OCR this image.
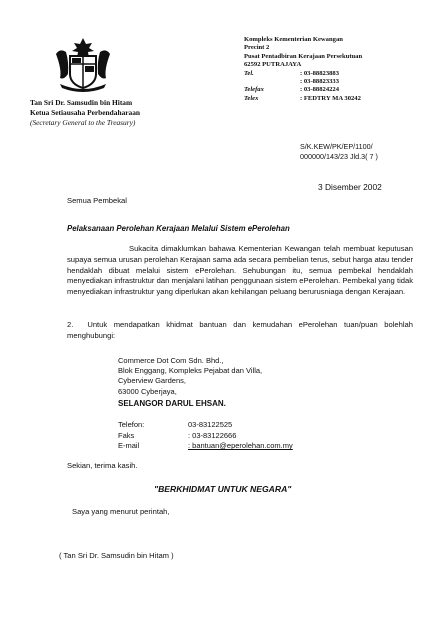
Tan Sri Dr. Samsudin bin Hitam
Ketua Setiausaha Perbendaharaan
(Secretary General to the Treasury)
Kompleks Kementerian Kewangan
Precint 2
Pusat Pentadbiran Kerajaan Persekutuan
62592 PUTRAJAYA
Tel.	: 03-88823883
: 03-88823333
Telefax	: 03-88824224
Telex	: FEDTRY MA 30242
S/K.KEW/PK/EP/1100/
000000/143/23 Jld.3( 7 )
3 Disember 2002
Semua Pembekal
Pelaksanaan Perolehan Kerajaan Melalui Sistem ePerolehan
Sukacita dimaklumkan bahawa Kementerian Kewangan telah membuat keputusan supaya semua urusan perolehan Kerajaan sama ada secara pembelian terus, sebut harga atau tender hendaklah dibuat melalui sistem ePerolehan. Sehubungan itu, semua pembekal hendaklah menyediakan infrastruktur dan menjalani latihan penggunaan sistem ePerolehan. Pembekal yang tidak menyediakan infrastruktur yang diperlukan akan kehilangan peluang berurusniaga dengan Kerajaan.
2. Untuk mendapatkan khidmat bantuan dan kemudahan ePerolehan tuan/puan bolehlah menghubungi:
Commerce Dot Com Sdn. Bhd.,
Blok Enggang, Kompleks Pejabat dan Villa,
Cyberview Gardens,
63000 Cyberjaya,
SELANGOR DARUL EHSAN.
Telefon:	03-83122525
Faks	: 03-83122666
E-mail	: bantuan@eperolehan.com.my
Sekian, terima kasih.
"BERKHIDMAT UNTUK NEGARA"
Saya yang menurut perintah,
( Tan Sri Dr. Samsudin bin Hitam )
